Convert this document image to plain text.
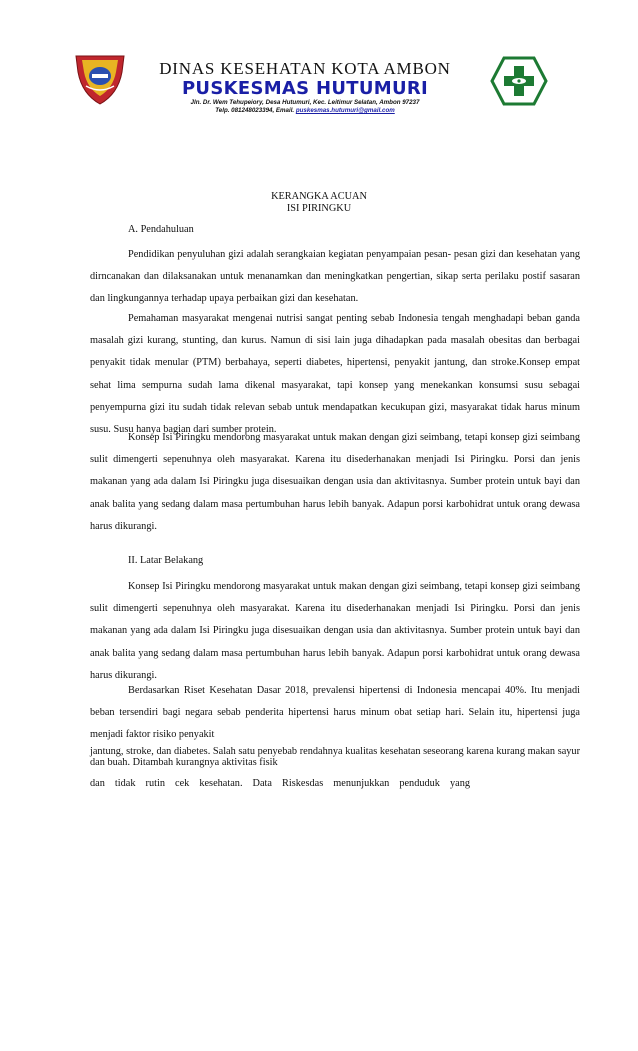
DINAS KESEHATAN KOTA AMBON
PUSKESMAS HUTUMURI
Jln. Dr. Wem Tehupeiory, Desa Hutumuri, Kec. Leitimur Selatan, Ambon 97237
Telp. 081248023394, Email. puskesmas.hutumuri@gmail.com
KERANGKA ACUAN
ISI PIRINGKU
A. Pendahuluan

Pendidikan penyuluhan gizi adalah serangkaian kegiatan penyampaian pesan- pesan gizi dan kesehatan yang dirncanakan dan dilaksanakan untuk menanamkan dan meningkatkan pengertian, sikap serta perilaku postif sasaran dan lingkungannya terhadap upaya perbaikan gizi dan kesehatan.

Pemahaman masyarakat mengenai nutrisi sangat penting sebab Indonesia tengah menghadapi beban ganda masalah gizi kurang, stunting, dan kurus. Namun di sisi lain juga dihadapkan pada masalah obesitas dan berbagai penyakit tidak menular (PTM) berbahaya, seperti diabetes, hipertensi, penyakit jantung, dan stroke.Konsep empat sehat lima sempurna sudah lama dikenal masyarakat, tapi konsep yang menekankan konsumsi susu sebagai penyempurna gizi itu sudah tidak relevan sebab untuk mendapatkan kecukupan gizi, masyarakat tidak harus minum susu. Susu hanya bagian dari sumber protein.

Konsep Isi Piringku mendorong masyarakat untuk makan dengan gizi seimbang, tetapi konsep gizi seimbang sulit dimengerti sepenuhnya oleh masyarakat. Karena itu disederhanakan menjadi Isi Piringku. Porsi dan jenis makanan yang ada dalam Isi Piringku juga disesuaikan dengan usia dan aktivitasnya. Sumber protein untuk bayi dan anak balita yang sedang dalam masa pertumbuhan harus lebih banyak. Adapun porsi karbohidrat untuk orang dewasa harus dikurangi.

II. Latar Belakang

Konsep Isi Piringku mendorong masyarakat untuk makan dengan gizi seimbang, tetapi konsep gizi seimbang sulit dimengerti sepenuhnya oleh masyarakat. Karena itu disederhanakan menjadi Isi Piringku. Porsi dan jenis makanan yang ada dalam Isi Piringku juga disesuaikan dengan usia dan aktivitasnya. Sumber protein untuk bayi dan anak balita yang sedang dalam masa pertumbuhan harus lebih banyak. Adapun porsi karbohidrat untuk orang dewasa harus dikurangi.

Berdasarkan Riset Kesehatan Dasar 2018, prevalensi hipertensi di Indonesia mencapai 40%. Itu menjadi beban tersendiri bagi negara sebab penderita hipertensi harus minum obat setiap hari. Selain itu, hipertensi juga menjadi faktor risiko penyakit

jantung, stroke, dan diabetes. Salah satu penyebab rendahnya kualitas kesehatan seseorang karena kurang makan sayur dan buah. Ditambah kurangnya aktivitas fisik
dan tidak rutin cek kesehatan. Data Riskesdas menunjukkan penduduk yang
